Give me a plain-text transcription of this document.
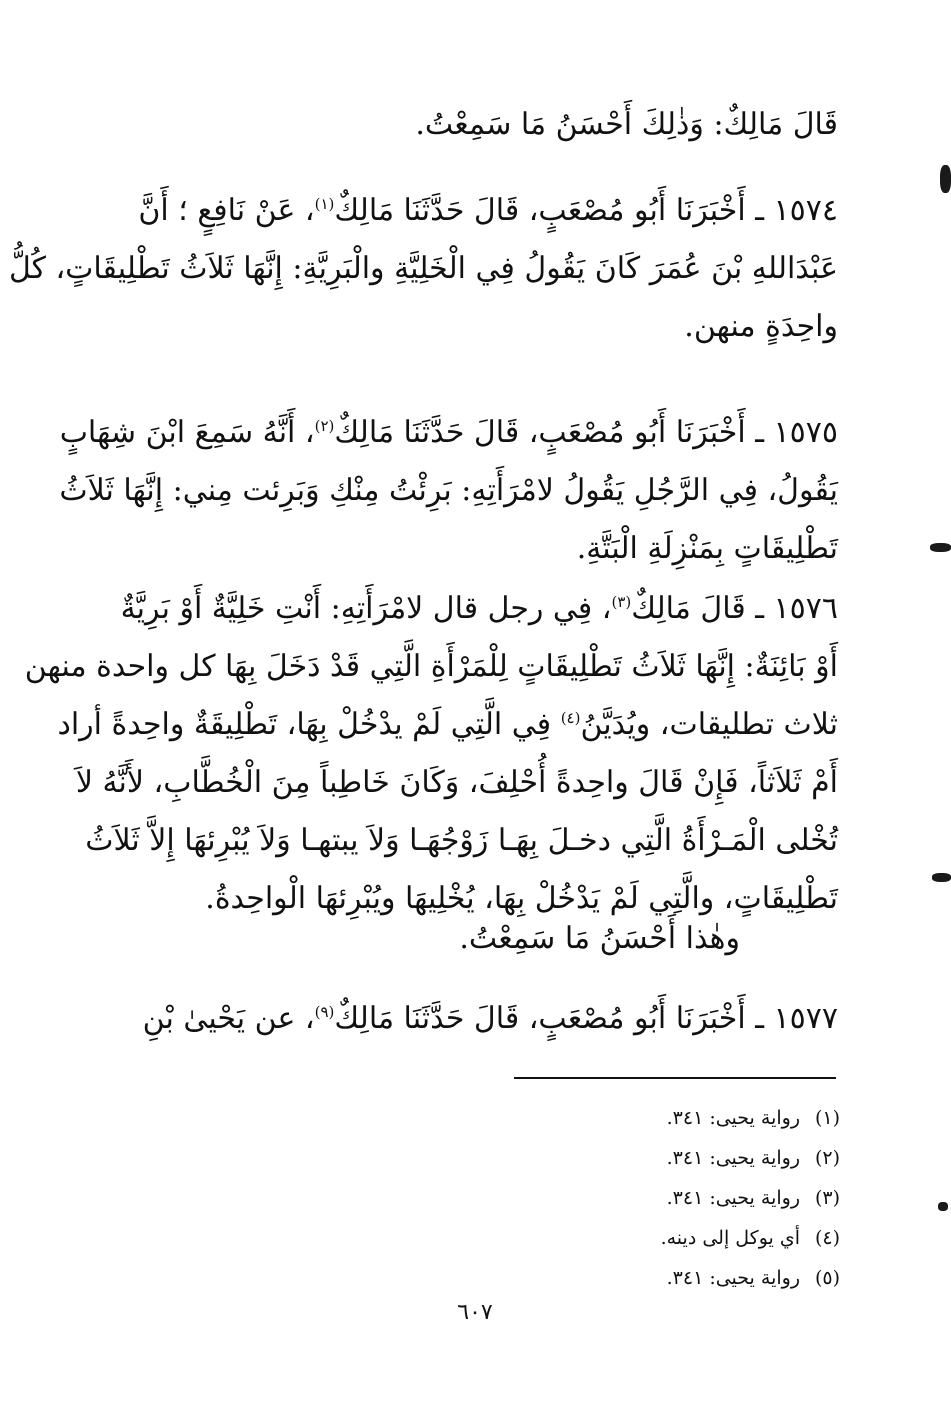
قَالَ مَالِكٌ: وَذٰلِكَ أَحْسَنُ مَا سَمِعْتُ.
١٥٧٤ ـ أَخْبَرَنَا أَبُو مُصْعَبٍ، قَالَ حَدَّثَنَا مَالِكٌ$^{(١)}$، عَنْ نَافِعٍ ؛ أَنَّ
عَبْدَاللهِ بْنَ عُمَرَ كَانَ يَقُولُ فِي الْخَلِيَّةِ والْبَرِيَّةِ: إِنَّهَا ثَلاَثُ تَطْلِيقَاتٍ، كُلُّ
واحِدَةٍ منهن.
١٥٧٥ ـ أَخْبَرَنَا أَبُو مُصْعَبٍ، قَالَ حَدَّثَنَا مَالِكٌ$^{(٢)}$، أَنَّهُ سَمِعَ ابْنَ شِهَابٍ
يَقُولُ، فِي الرَّجُلِ يَقُولُ لامْرَأَتِهِ: بَرِئْتُ مِنْكِ وَبَرِئت مِني: إِنَّهَا ثَلاَثُ
تَطْلِيقَاتٍ بِمَنْزِلَةِ الْبَتَّةِ.
١٥٧٦ ـ قَالَ مَالِكٌ$^{(٣)}$، فِي رجل قال لامْرَأَتِهِ: أَنْتِ خَلِيَّةٌ أَوْ بَرِيَّةٌ
أَوْ بَائِنَةٌ: إِنَّهَا ثَلاَثُ تَطْلِيقَاتٍ لِلْمَرْأَةِ الَّتِي قَدْ دَخَلَ بِهَا كل واحدة منهن
ثلاث تطليقات، ويُدَيَّنُ$^{(٤)}$ فِي الَّتِي لَمْ يدْخُلْ بِهَا، تَطْلِيقَةٌ واحِدةً أراد
أَمْ ثَلاَثاً، فَإِنْ قَالَ واحِدةً أُحْلِفَ، وَكَانَ خَاطِباً مِنَ الْخُطَّابِ، لأَنَّهُ لاَ
تُخْلى الْمَـرْأَةُ الَّتِي دخـلَ بِهَـا زَوْجُهَـا وَلاَ يبتهـا وَلاَ يُبْرِئهَا إِلاَّ ثَلاَثُ
تَطْلِيقَاتٍ، والَّتِي لَمْ يَدْخُلْ بِهَا، يُخْلِيهَا ويُبْرِئهَا الْواحِدةُ.
وهٰذا أَحْسَنُ مَا سَمِعْتُ.
١٥٧٧ ـ أَخْبَرَنَا أَبُو مُصْعَبٍ، قَالَ حَدَّثَنَا مَالِكٌ$^{(٩)}$، عن يَحْيىٰ بْنِ
(١)رواية يحيى: ٣٤١.
(٢)رواية يحيى: ٣٤١.
(٣)رواية يحيى: ٣٤١.
(٤)أي يوكل إلى دينه.
(٥)رواية يحيى: ٣٤١.
٦٠٧
